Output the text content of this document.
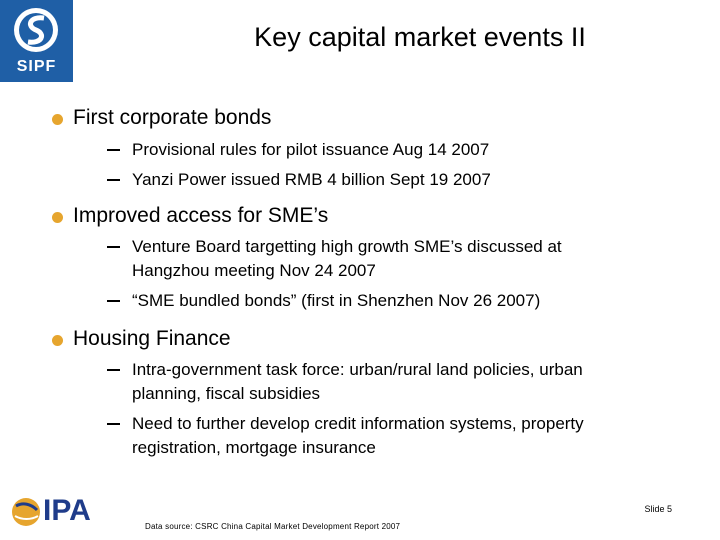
SIPF
Key capital market events II
First corporate bonds
Provisional rules for pilot issuance Aug 14 2007
Yanzi Power issued RMB 4 billion Sept 19 2007
Improved access for SME’s
Venture Board targetting high growth SME’s discussed at
Hangzhou meeting Nov 24 2007
“SME bundled bonds” (first in Shenzhen Nov 26 2007)
Housing Finance
Intra-government task force: urban/rural land policies, urban
planning, fiscal subsidies
Need to further develop credit information systems, property
registration, mortgage insurance
IPA	Slide 5
Data source: CSRC China Capital Market Development Report 2007
